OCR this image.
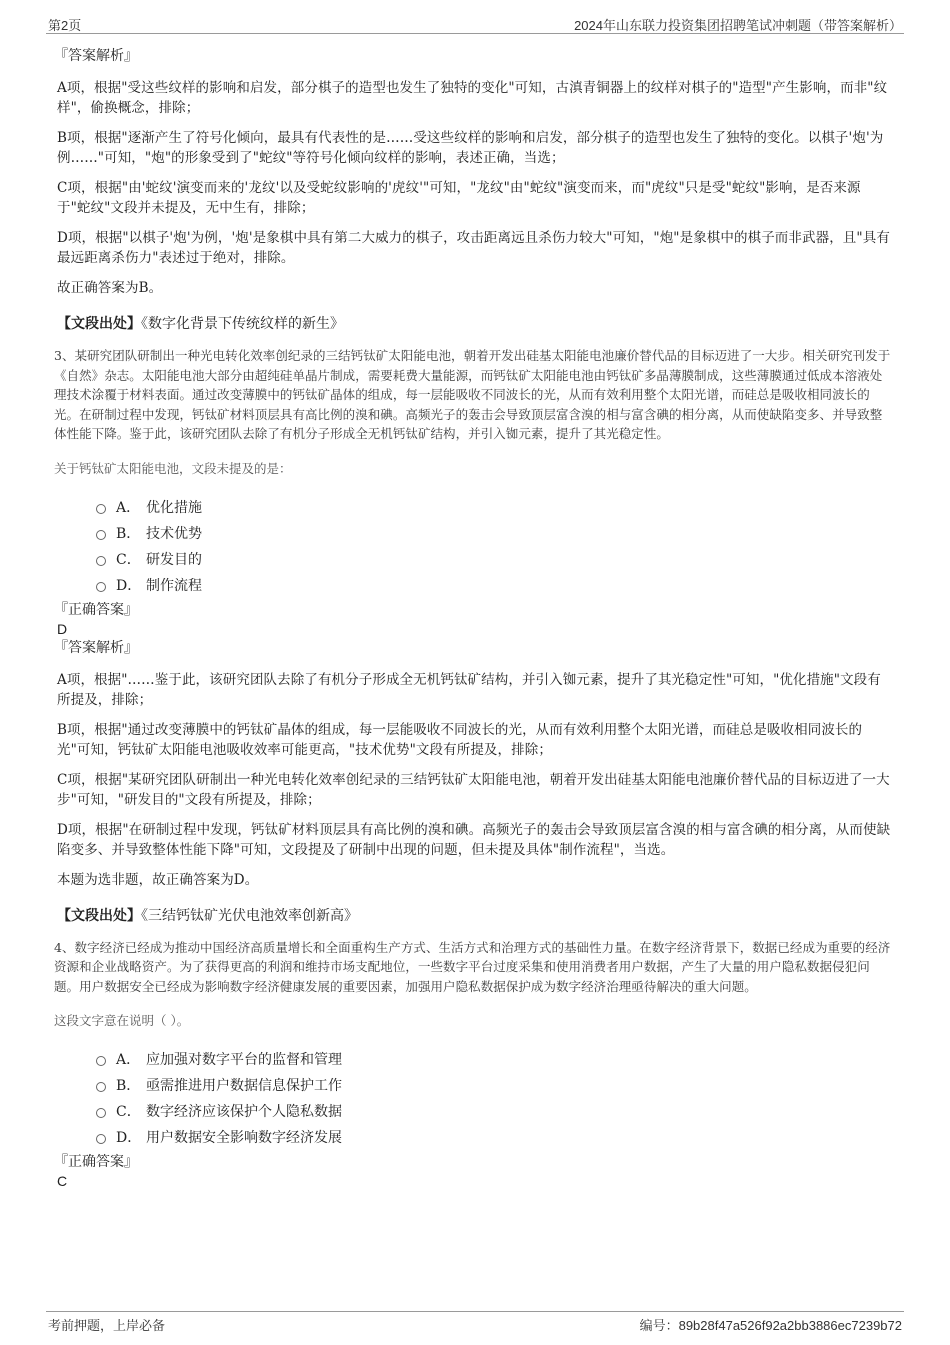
第2页	2024年山东联力投资集团招聘笔试冲刺题（带答案解析）
『答案解析』

A项，根据"受这些纹样的影响和启发，部分棋子的造型也发生了独特的变化"可知，古滇青铜器上的纹样对棋子的"造型"产生影响，而非"纹样"，偷换概念，排除；

B项，根据"逐渐产生了符号化倾向，最具有代表性的是……受这些纹样的影响和启发，部分棋子的造型也发生了独特的变化。以棋子'炮'为例……"可知，"炮"的形象受到了"蛇纹"等符号化倾向纹样的影响，表述正确，当选；

C项，根据"由'蛇纹'演变而来的'龙纹'以及受蛇纹影响的'虎纹'"可知，"龙纹"由"蛇纹"演变而来，而"虎纹"只是受"蛇纹"影响，是否来源于"蛇纹"文段并未提及，无中生有，排除；

D项，根据"以棋子'炮'为例，'炮'是象棋中具有第二大威力的棋子，攻击距离远且杀伤力较大"可知，"炮"是象棋中的棋子而非武器，且"具有最远距离杀伤力"表述过于绝对，排除。

故正确答案为B。

【文段出处】《数字化背景下传统纹样的新生》

3、某研究团队研制出一种光电转化效率创纪录的三结钙钛矿太阳能电池，朝着开发出硅基太阳能电池廉价替代品的目标迈进了一大步。相关研究刊发于《自然》杂志。太阳能电池大部分由超纯硅单晶片制成，需要耗费大量能源，而钙钛矿太阳能电池由钙钛矿多晶薄膜制成，这些薄膜通过低成本溶液处理技术涂覆于材料表面。通过改变薄膜中的钙钛矿晶体的组成，每一层能吸收不同波长的光，从而有效利用整个太阳光谱，而硅总是吸收相同波长的光。在研制过程中发现，钙钛矿材料顶层具有高比例的溴和碘。高频光子的轰击会导致顶层富含溴的相与富含碘的相分离，从而使缺陷变多、并导致整体性能下降。鉴于此，该研究团队去除了有机分子形成全无机钙钛矿结构，并引入铷元素，提升了其光稳定性。

关于钙钛矿太阳能电池，文段未提及的是：

A． 优化措施
B． 技术优势
C． 研发目的
D． 制作流程
『正确答案』
D
『答案解析』

A项，根据"……鉴于此，该研究团队去除了有机分子形成全无机钙钛矿结构，并引入铷元素，提升了其光稳定性"可知，"优化措施"文段有所提及，排除；

B项，根据"通过改变薄膜中的钙钛矿晶体的组成，每一层能吸收不同波长的光，从而有效利用整个太阳光谱，而硅总是吸收相同波长的光"可知，钙钛矿太阳能电池吸收效率可能更高，"技术优势"文段有所提及，排除；

C项，根据"某研究团队研制出一种光电转化效率创纪录的三结钙钛矿太阳能电池，朝着开发出硅基太阳能电池廉价替代品的目标迈进了一大步"可知，"研发目的"文段有所提及，排除；

D项，根据"在研制过程中发现，钙钛矿材料顶层具有高比例的溴和碘。高频光子的轰击会导致顶层富含溴的相与富含碘的相分离，从而使缺陷变多、并导致整体性能下降"可知，文段提及了研制中出现的问题，但未提及具体"制作流程"，当选。

本题为选非题，故正确答案为D。

【文段出处】《三结钙钛矿光伏电池效率创新高》

4、数字经济已经成为推动中国经济高质量增长和全面重构生产方式、生活方式和治理方式的基础性力量。在数字经济背景下，数据已经成为重要的经济资源和企业战略资产。为了获得更高的利润和维持市场支配地位，一些数字平台过度采集和使用消费者用户数据，产生了大量的用户隐私数据侵犯问题。用户数据安全已经成为影响数字经济健康发展的重要因素，加强用户隐私数据保护成为数字经济治理亟待解决的重大问题。

这段文字意在说明（ ）。

A． 应加强对数字平台的监督和管理
B． 亟需推进用户数据信息保护工作
C． 数字经济应该保护个人隐私数据
D． 用户数据安全影响数字经济发展
『正确答案』
C
考前押题，上岸必备	编号：89b28f47a526f92a2bb3886ec7239b72
